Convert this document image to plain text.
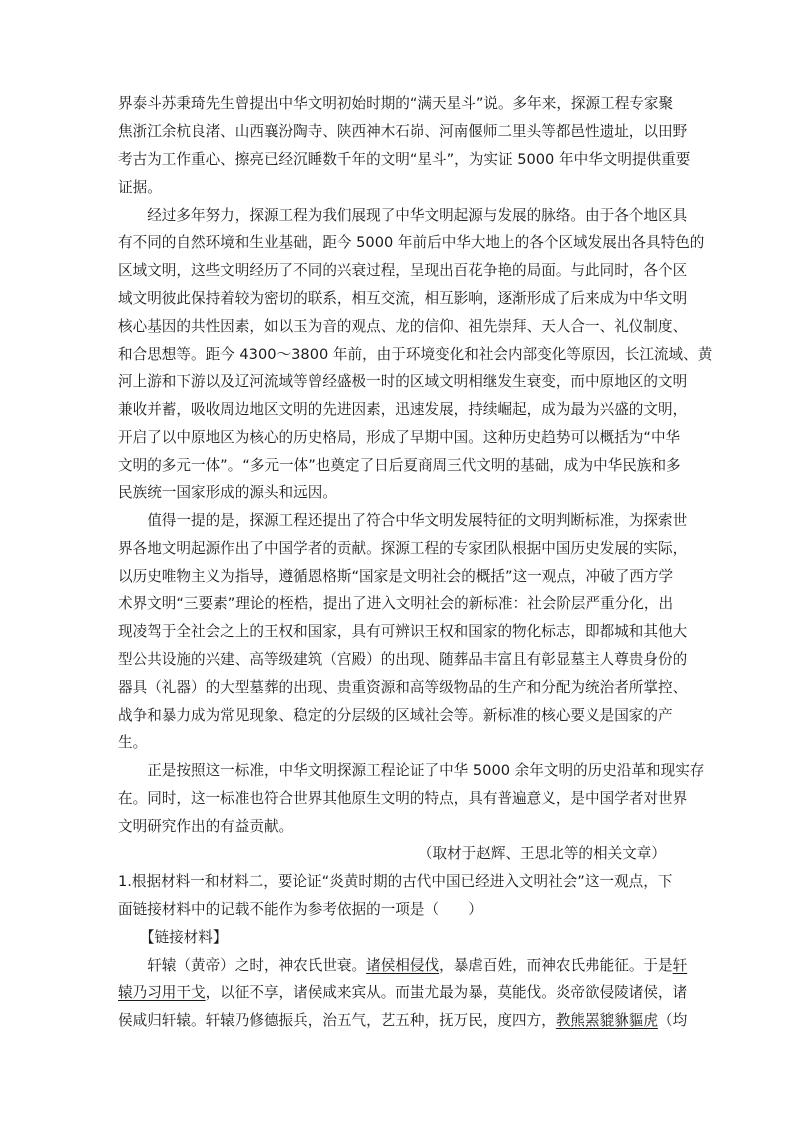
界泰斗苏秉琦先生曾提出中华文明初始时期的“满天星斗”说。多年来，探源工程专家聚
焦浙江余杭良渚、山西襄汾陶寺、陕西神木石峁、河南偃师二里头等都邑性遗址，以田野
考古为工作重心、擦亮已经沉睡数千年的文明“星斗”，为实证 5000 年中华文明提供重要
证据。
　　经过多年努力，探源工程为我们展现了中华文明起源与发展的脉络。由于各个地区具
有不同的自然环境和生业基础，距今 5000 年前后中华大地上的各个区域发展出各具特色的
区域文明，这些文明经历了不同的兴衰过程，呈现出百花争艳的局面。与此同时，各个区
域文明彼此保持着较为密切的联系，相互交流，相互影响，逐渐形成了后来成为中华文明
核心基因的共性因素，如以玉为音的观点、龙的信仰、祖先崇拜、天人合一、礼仪制度、
和合思想等。距今 4300～3800 年前，由于环境变化和社会内部变化等原因，长江流域、黄
河上游和下游以及辽河流域等曾经盛极一时的区域文明相继发生衰变，而中原地区的文明
兼收并蓄，吸收周边地区文明的先进因素，迅速发展，持续崛起，成为最为兴盛的文明，
开启了以中原地区为核心的历史格局，形成了早期中国。这种历史趋势可以概括为“中华
文明的多元一体”。“多元一体”也奠定了日后夏商周三代文明的基础，成为中华民族和多
民族统一国家形成的源头和远因。
　　值得一提的是，探源工程还提出了符合中华文明发展特征的文明判断标准，为探索世
界各地文明起源作出了中国学者的贡献。探源工程的专家团队根据中国历史发展的实际，
以历史唯物主义为指导，遵循恩格斯“国家是文明社会的概括”这一观点，冲破了西方学
术界文明“三要素”理论的桎梏，提出了进入文明社会的新标准：社会阶层严重分化，出
现凌驾于全社会之上的王权和国家，具有可辨识王权和国家的物化标志，即都城和其他大
型公共设施的兴建、高等级建筑（宫殿）的出现、随葬品丰富且有彰显墓主人尊贵身份的
器具（礼器）的大型墓葬的出现、贵重资源和高等级物品的生产和分配为统治者所掌控、
战争和暴力成为常见现象、稳定的分层级的区域社会等。新标准的核心要义是国家的产
生。
　　正是按照这一标准，中华文明探源工程论证了中华 5000 余年文明的历史沿革和现实存
在。同时，这一标准也符合世界其他原生文明的特点，具有普遍意义，是中国学者对世界
文明研究作出的有益贡献。
（取材于赵辉、王思北等的相关文章）
1.根据材料一和材料二，要论证“炎黄时期的古代中国已经进入文明社会”这一观点，下
面链接材料中的记载不能作为参考依据的一项是（　　）
　　【链接材料】
　　轩辕（黄帝）之时，神农氏世衰。诸侯相侵伐，暴虐百姓，而神农氏弗能征。于是轩
辕乃习用干戈，以征不享，诸侯咸来宾从。而蚩尤最为暴，莫能伐。炎帝欲侵陵诸侯，诸
侯咸归轩辕。轩辕乃修德振兵，治五气，艺五种，抚万民，度四方，教熊罴貔貅貙虎（均
